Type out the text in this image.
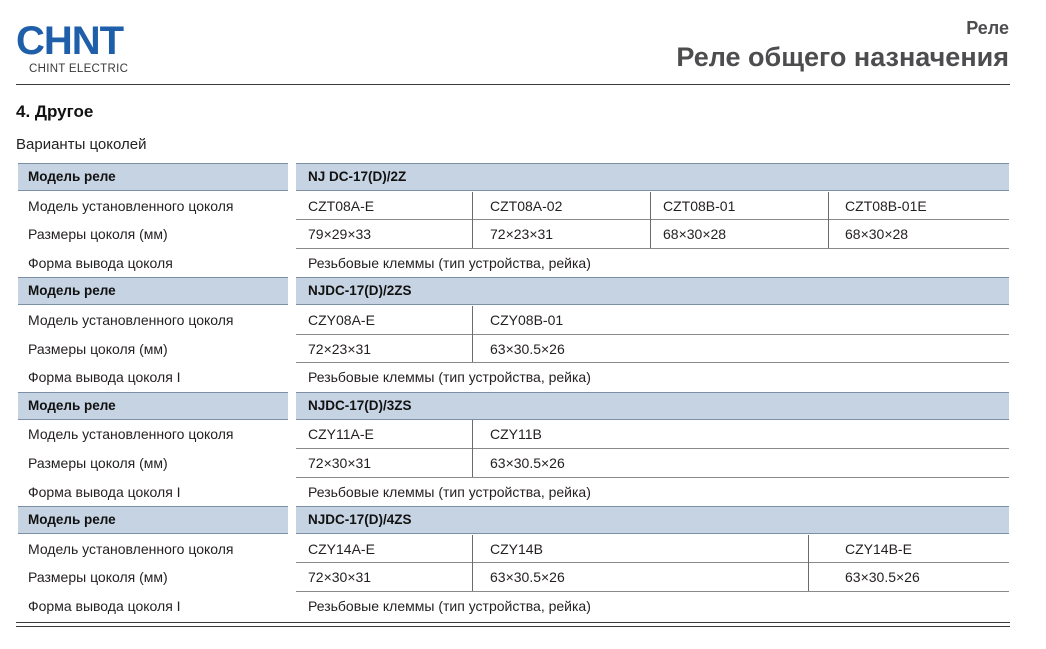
CHNT
CHINT ELECTRIC
Реле
Реле общего назначения
4. Другое
Варианты цоколей
Модель реле	NJ DC-17(D)/2Z
Модель установленного цоколя	CZT08A-E	CZT08A-02	CZT08B-01	CZT08B-01E
Размеры цоколя (мм)	79×29×33	72×23×31	68×30×28	68×30×28
Форма вывода цоколя	Резьбовые клеммы (тип устройства, рейка)
Модель реле	NJDC-17(D)/2ZS
Модель установленного цоколя	CZY08A-E	CZY08B-01
Размеры цоколя (мм)	72×23×31	63×30.5×26
Форма вывода цоколя I	Резьбовые клеммы (тип устройства, рейка)
Модель реле	NJDC-17(D)/3ZS
Модель установленного цоколя	CZY11A-E	CZY11B
Размеры цоколя (мм)	72×30×31	63×30.5×26
Форма вывода цоколя I	Резьбовые клеммы (тип устройства, рейка)
Модель реле	NJDC-17(D)/4ZS
Модель установленного цоколя	CZY14A-E	CZY14B	CZY14B-E
Размеры цоколя (мм)	72×30×31	63×30.5×26	63×30.5×26
Форма вывода цоколя I	Резьбовые клеммы (тип устройства, рейка)
